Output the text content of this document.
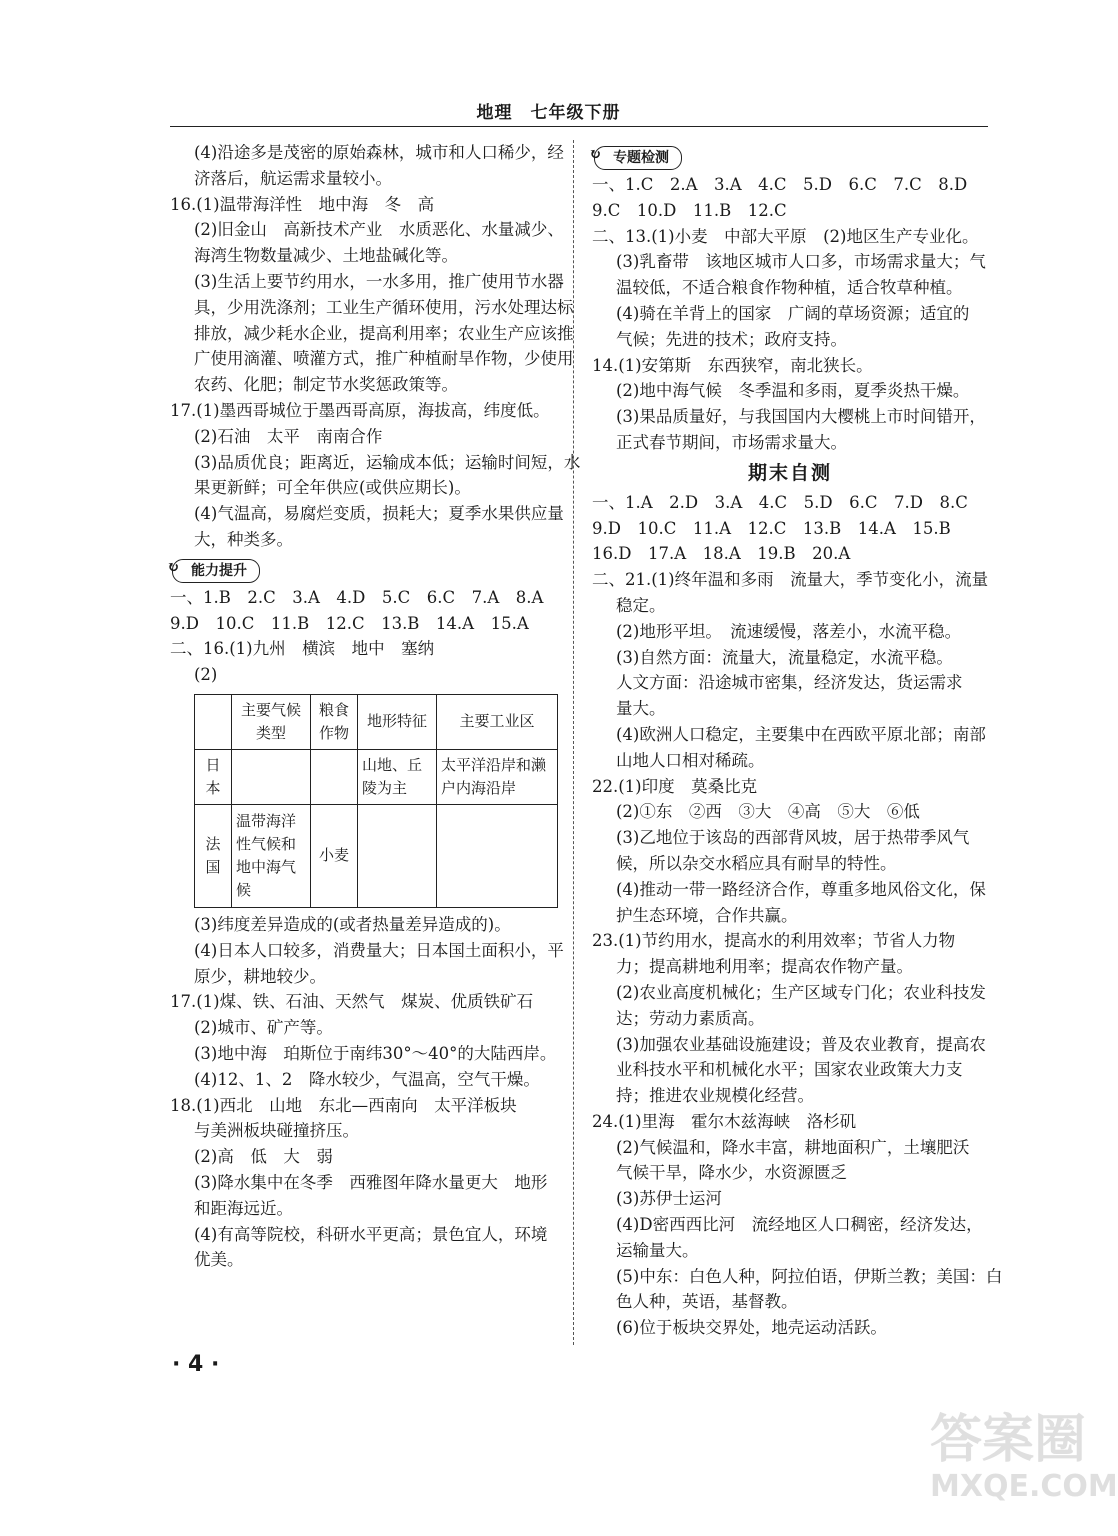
地理　七年级下册
(4)沿途多是茂密的原始森林，城市和人口稀少，经
济落后，航运需求量较小。
16.(1)温带海洋性　地中海　冬　高
(2)旧金山　高新技术产业　水质恶化、水量减少、
海湾生物数量减少、土地盐碱化等。
(3)生活上要节约用水，一水多用，推广使用节水器
具，少用洗涤剂；工业生产循环使用，污水处理达标
排放，减少耗水企业，提高利用率；农业生产应该推
广使用滴灌、喷灌方式，推广种植耐旱作物，少使用
农药、化肥；制定节水奖惩政策等。
17.(1)墨西哥城位于墨西哥高原，海拔高，纬度低。
(2)石油　太平　南南合作
(3)品质优良；距离近，运输成本低；运输时间短，水
果更新鲜；可全年供应(或供应期长)。
(4)气温高，易腐烂变质，损耗大；夏季水果供应量
大，种类多。
↻ 能力提升
一、1.B　2.C　3.A　4.D　5.C　6.C　7.A　8.A
9.D　10.C　11.B　12.C　13.B　14.A　15.A
二、16.(1)九州　横滨　地中　塞纳
(2)
	主要气候类型	粮食作物	地形特征	主要工业区
日本			山地、丘陵为主	太平洋沿岸和濑户内海沿岸
法国	温带海洋性气候和地中海气候	小麦		
(3)纬度差异造成的(或者热量差异造成的)。
(4)日本人口较多，消费量大；日本国土面积小，平
原少，耕地较少。
17.(1)煤、铁、石油、天然气　煤炭、优质铁矿石
(2)城市、矿产等。
(3)地中海　珀斯位于南纬30°～40°的大陆西岸。
(4)12、1、2　降水较少，气温高，空气干燥。
18.(1)西北　山地　东北—西南向　太平洋板块
与美洲板块碰撞挤压。
(2)高　低　大　弱
(3)降水集中在冬季　西雅图年降水量更大　地形
和距海远近。
(4)有高等院校，科研水平更高；景色宜人，环境
优美。
↻ 专题检测
一、1.C　2.A　3.A　4.C　5.D　6.C　7.C　8.D
9.C　10.D　11.B　12.C
二、13.(1)小麦　中部大平原　(2)地区生产专业化。
(3)乳畜带　该地区城市人口多，市场需求量大；气
温较低，不适合粮食作物种植，适合牧草种植。
(4)骑在羊背上的国家　广阔的草场资源；适宜的
气候；先进的技术；政府支持。
14.(1)安第斯　东西狭窄，南北狭长。
(2)地中海气候　冬季温和多雨，夏季炎热干燥。
(3)果品质量好，与我国国内大樱桃上市时间错开，
正式春节期间，市场需求量大。
期末自测
一、1.A　2.D　3.A　4.C　5.D　6.C　7.D　8.C
9.D　10.C　11.A　12.C　13.B　14.A　15.B
16.D　17.A　18.A　19.B　20.A
二、21.(1)终年温和多雨　流量大，季节变化小，流量
稳定。
(2)地形平坦。　流速缓慢，落差小，水流平稳。
(3)自然方面：流量大，流量稳定，水流平稳。
人文方面：沿途城市密集，经济发达，货运需求
量大。
(4)欧洲人口稳定，主要集中在西欧平原北部；南部
山地人口相对稀疏。
22.(1)印度　莫桑比克
(2)①东　②西　③大　④高　⑤大　⑥低
(3)乙地位于该岛的西部背风坡，居于热带季风气
候，所以杂交水稻应具有耐旱的特性。
(4)推动一带一路经济合作，尊重多地风俗文化，保
护生态环境，合作共赢。
23.(1)节约用水，提高水的利用效率；节省人力物
力；提高耕地利用率；提高农作物产量。
(2)农业高度机械化；生产区域专门化；农业科技发
达；劳动力素质高。
(3)加强农业基础设施建设；普及农业教育，提高农
业科技水平和机械化水平；国家农业政策大力支
持；推进农业规模化经营。
24.(1)里海　霍尔木兹海峡　洛杉矶
(2)气候温和，降水丰富，耕地面积广，土壤肥沃
气候干旱，降水少，水资源匮乏
(3)苏伊士运河
(4)D密西西比河　流经地区人口稠密，经济发达，
运输量大。
(5)中东：白色人种，阿拉伯语，伊斯兰教；美国：白
色人种，英语，基督教。
(6)位于板块交界处，地壳运动活跃。
· 4 ·
答案圈
MXQE.COM
